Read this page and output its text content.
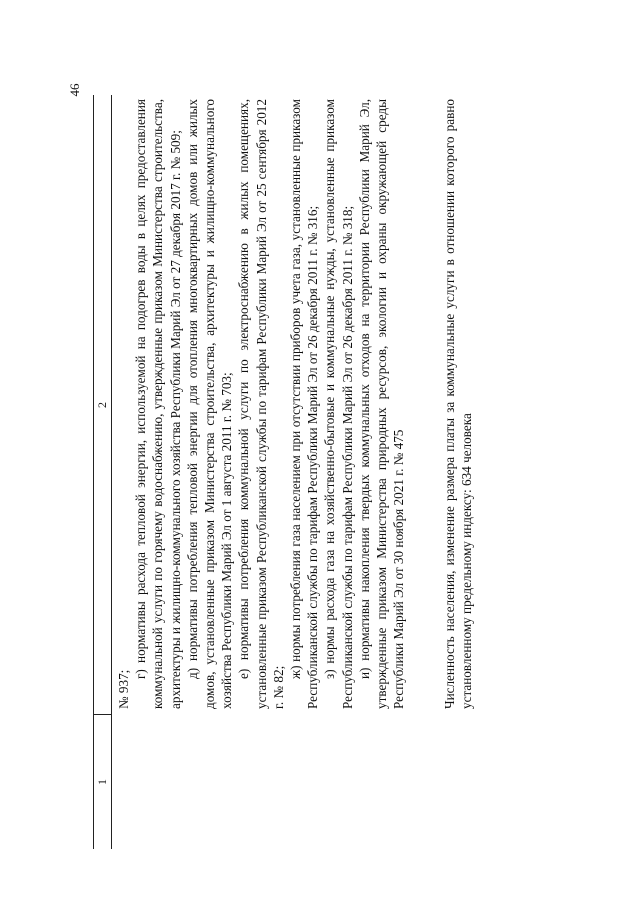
46
1
2

№ 937;

г) нормативы расхода тепловой энергии, используемой на подогрев воды в целях предоставления коммунальной услуги по горячему водоснабжению, утвержденные приказом Министерства строительства, архитектуры и жилищно-коммунального хозяйства Республики Марий Эл от 27 декабря 2017 г. № 509; д) нормативы потребления тепловой энергии для отопления многоквартирных домов или жилых домов, установленные приказом Министерства строительства, архитектуры и жилищно-коммунального хозяйства Республики Марий Эл от 1 августа 2011 г. № 703; е) нормативы потребления коммунальной услуги по электроснабжению в жилых помещениях, установленные приказом Республиканской службы по тарифам Республики Марий Эл от 25 сентября 2012 г. № 82;

ж) нормы потребления газа населением при отсутствии приборов учета газа, установленные приказом Республиканской службы по тарифам Республики Марий Эл от 26 декабря 2011 г. № 316; з) нормы расхода газа на хозяйственно-бытовые и коммунальные нужды, установленные приказом Республиканской службы по тарифам Республики Марий Эл от 26 декабря 2011 г. № 318; и) нормативы накопления твердых коммунальных отходов на территории Республики Марий Эл, утвержденные приказом Министерства природных ресурсов, экологии и охраны окружающей среды Республики Марий Эл от 30 ноября 2021 г. № 475	Численность населения, изменение размера платы за коммунальные услуги в отношении которого равно установленному предельному индексу: 634 человека
